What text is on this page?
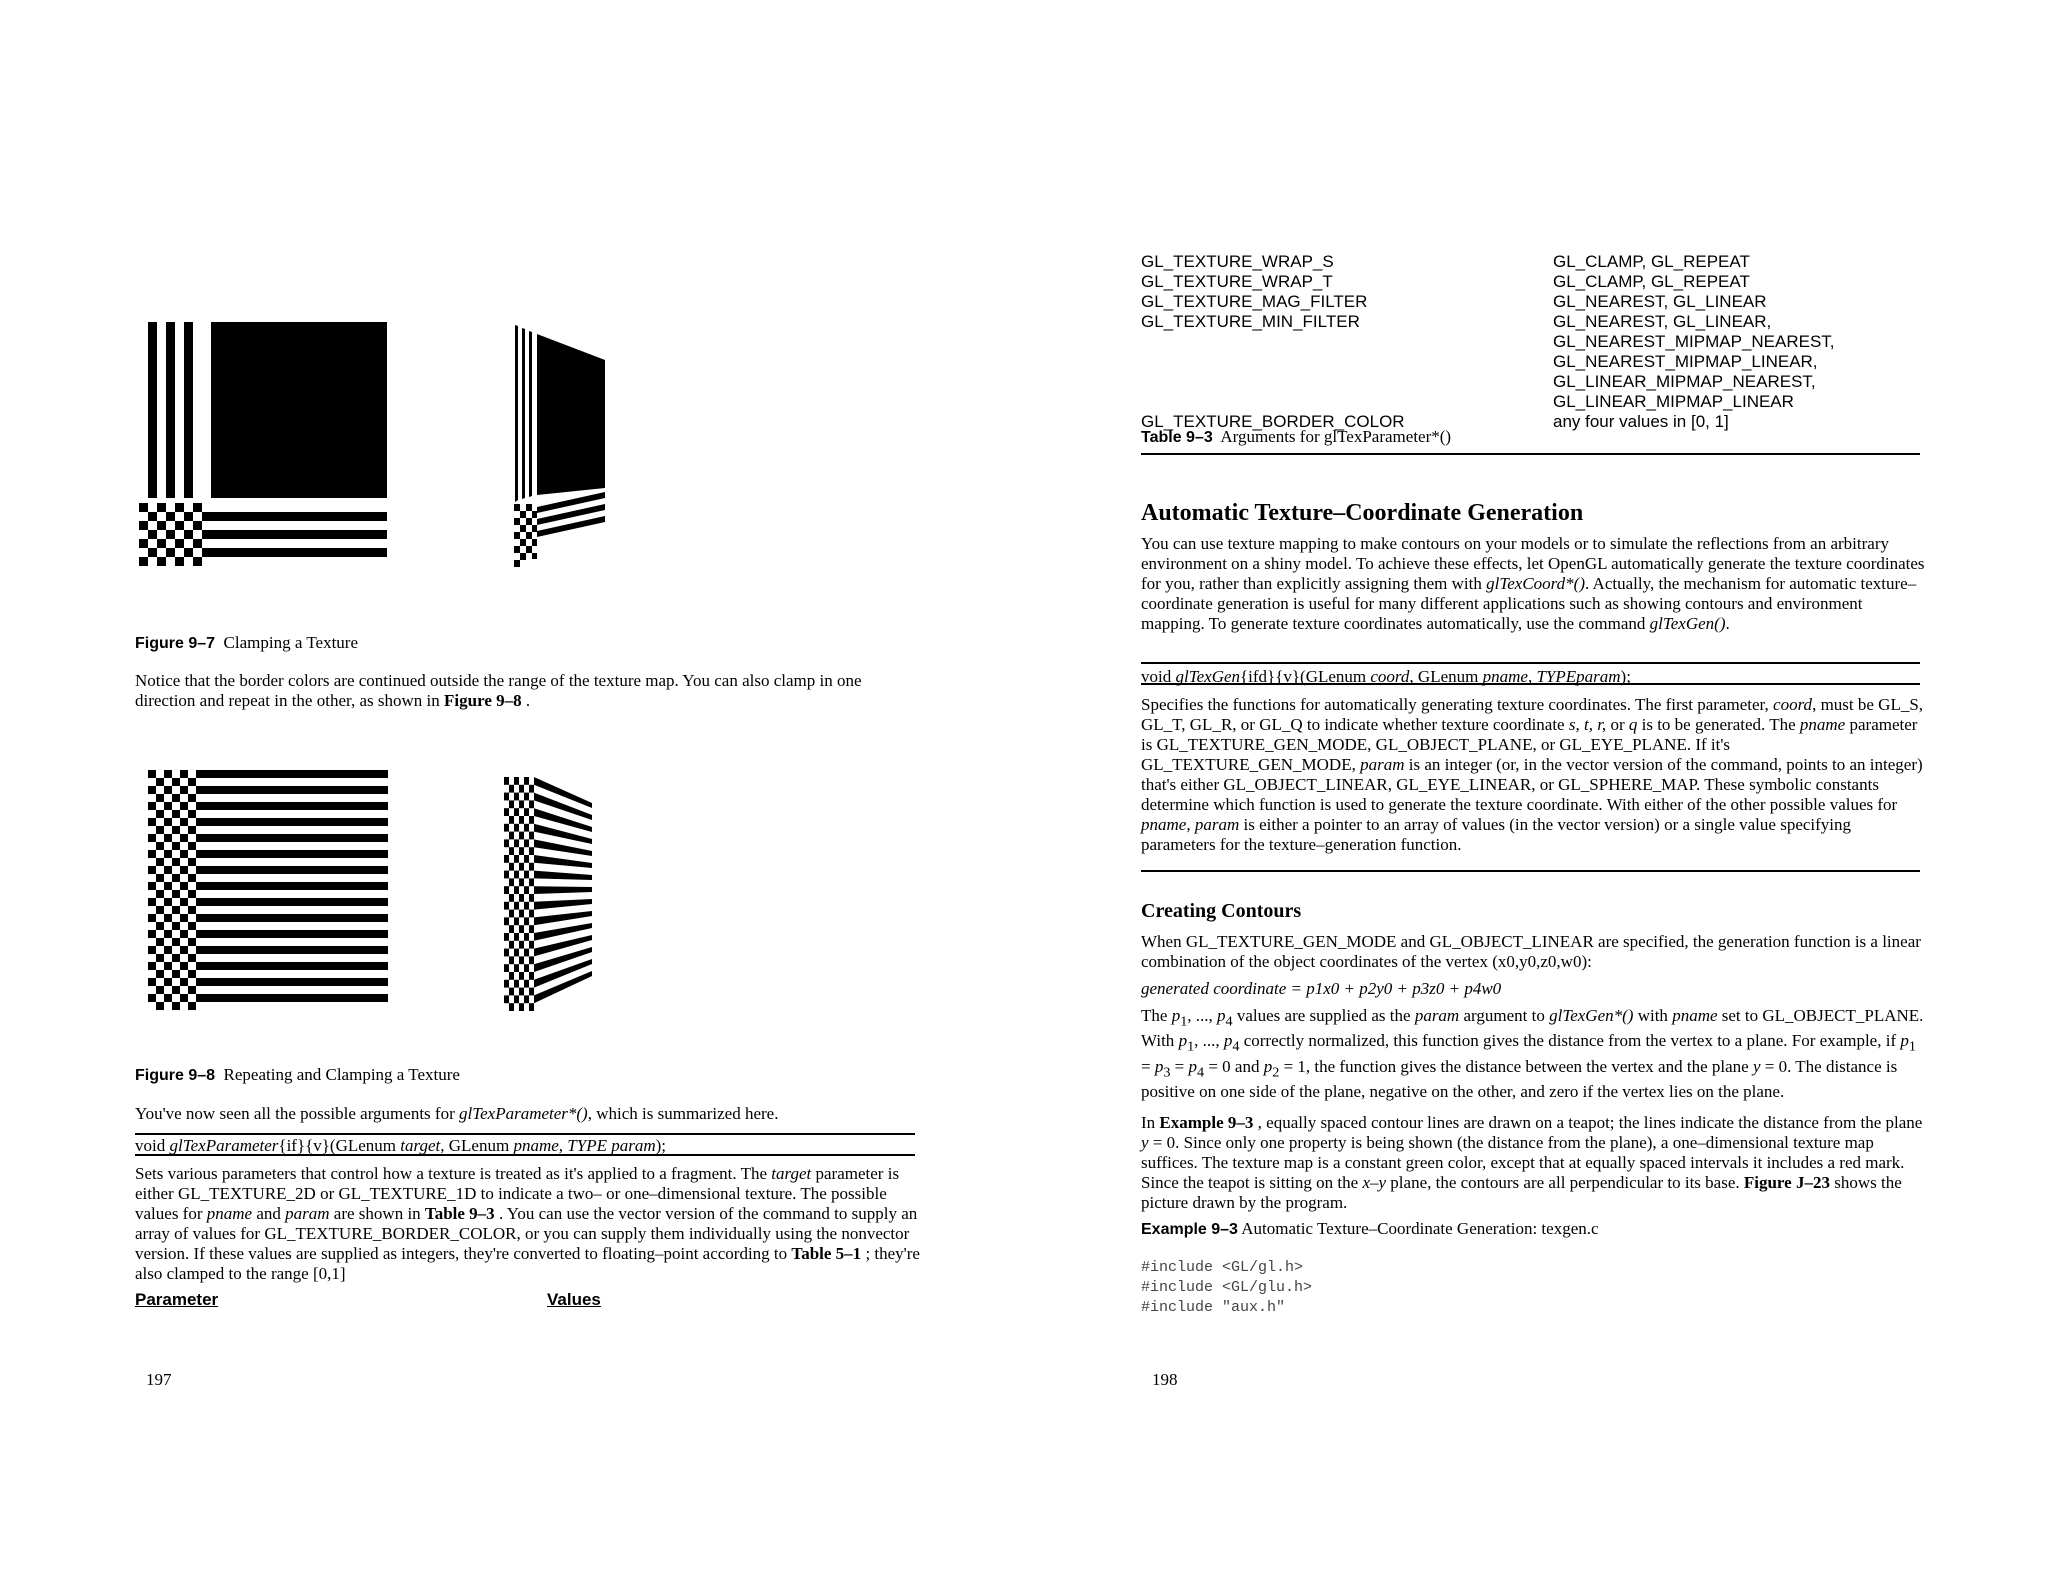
Figure 9–7 Clamping a Texture
Notice that the border colors are continued outside the range of the texture map. You can also clamp in one direction and repeat in the other, as shown in Figure 9–8 .
Figure 9–8 Repeating and Clamping a Texture
You've now seen all the possible arguments for glTexParameter*(), which is summarized here.
void glTexParameter{if}{v}(GLenum target, GLenum pname, TYPE param);
Sets various parameters that control how a texture is treated as it's applied to a fragment. The target parameter is either GL_TEXTURE_2D or GL_TEXTURE_1D to indicate a two– or one–dimensional texture. The possible values for pname and param are shown in Table 9–3 . You can use the vector version of the command to supply an array of values for GL_TEXTURE_BORDER_COLOR, or you can supply them individually using the nonvector version. If these values are supplied as integers, they're converted to floating–point according to Table 5–1 ; they're also clamped to the range [0,1]
Parameter	Values
197
GL_TEXTURE_WRAP_S	GL_CLAMP, GL_REPEAT
GL_TEXTURE_WRAP_T	GL_CLAMP, GL_REPEAT
GL_TEXTURE_MAG_FILTER	GL_NEAREST, GL_LINEAR
GL_TEXTURE_MIN_FILTER	GL_NEAREST, GL_LINEAR,
GL_NEAREST_MIPMAP_NEAREST,
GL_NEAREST_MIPMAP_LINEAR,
GL_LINEAR_MIPMAP_NEAREST,
GL_LINEAR_MIPMAP_LINEAR
GL_TEXTURE_BORDER_COLOR	any four values in [0, 1]
Table 9–3 Arguments for glTexParameter*()
Automatic Texture–Coordinate Generation
You can use texture mapping to make contours on your models or to simulate the reflections from an arbitrary environment on a shiny model. To achieve these effects, let OpenGL automatically generate the texture coordinates for you, rather than explicitly assigning them with glTexCoord*(). Actually, the mechanism for automatic texture–coordinate generation is useful for many different applications such as showing contours and environment mapping. To generate texture coordinates automatically, use the command glTexGen().
void glTexGen{ifd}{v}(GLenum coord, GLenum pname, TYPEparam);
Specifies the functions for automatically generating texture coordinates. The first parameter, coord, must be GL_S, GL_T, GL_R, or GL_Q to indicate whether texture coordinate s, t, r, or q is to be generated. The pname parameter is GL_TEXTURE_GEN_MODE, GL_OBJECT_PLANE, or GL_EYE_PLANE. If it's GL_TEXTURE_GEN_MODE, param is an integer (or, in the vector version of the command, points to an integer) that's either GL_OBJECT_LINEAR, GL_EYE_LINEAR, or GL_SPHERE_MAP. These symbolic constants determine which function is used to generate the texture coordinate. With either of the other possible values for pname, param is either a pointer to an array of values (in the vector version) or a single value specifying parameters for the texture–generation function.
Creating Contours
When GL_TEXTURE_GEN_MODE and GL_OBJECT_LINEAR are specified, the generation function is a linear combination of the object coordinates of the vertex (x0,y0,z0,w0):
generated coordinate = p1x0 + p2y0 + p3z0 + p4w0
The $p_1$, ..., $p_4$ values are supplied as the param argument to glTexGen*() with pname set to GL_OBJECT_PLANE. With $p_1$, ..., $p_4$ correctly normalized, this function gives the distance from the vertex to a plane. For example, if $p_1 = p_3 = p_4 = 0$ and $p_2 = 1$, the function gives the distance between the vertex and the plane y = 0. The distance is positive on one side of the plane, negative on the other, and zero if the vertex lies on the plane.
In Example 9–3 , equally spaced contour lines are drawn on a teapot; the lines indicate the distance from the plane y = 0. Since only one property is being shown (the distance from the plane), a one–dimensional texture map suffices. The texture map is a constant green color, except that at equally spaced intervals it includes a red mark. Since the teapot is sitting on the x–y plane, the contours are all perpendicular to its base. Figure J–23 shows the picture drawn by the program.
Example 9–3 Automatic Texture–Coordinate Generation: texgen.c
#include <GL/gl.h>
#include <GL/glu.h>
#include "aux.h"
198
